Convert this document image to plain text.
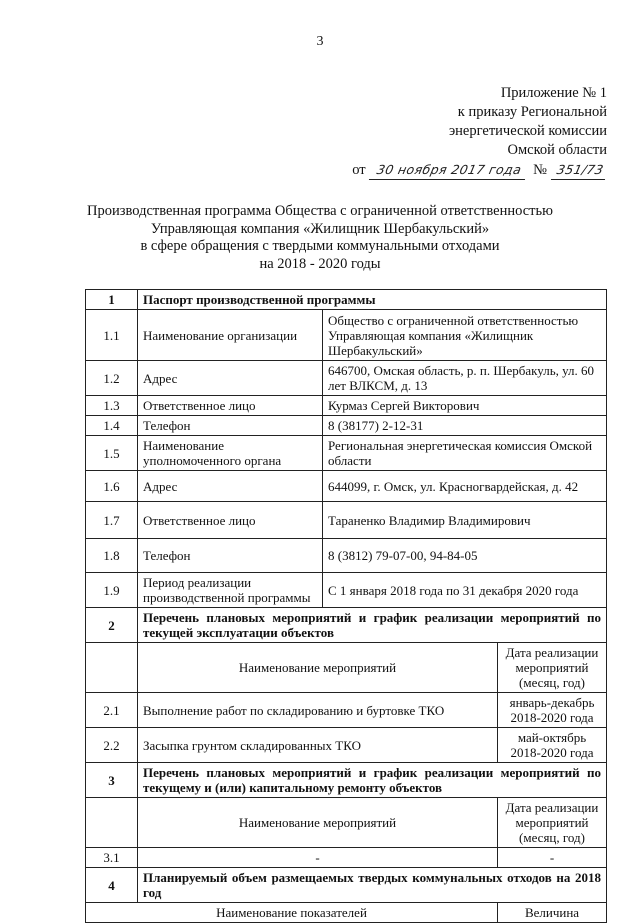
3
Приложение № 1
к приказу Региональной
энергетической комиссии
Омской области
от 30 ноября 2017 года № 351/73
Производственная программа Общества с ограниченной ответственностью
Управляющая компания «Жилищник Шербакульский»
в сфере обращения с твердыми коммунальными отходами
на 2018 - 2020 годы
1	Паспорт производственной программы		
1.1	Наименование организации	Общество с ограниченной ответственностью Управляющая компания «Жилищник Шербакульский»	
1.2	Адрес	646700, Омская область, р. п. Шербакуль, ул. 60 лет ВЛКСМ, д. 13	
1.3	Ответственное лицо	Курмаз Сергей Викторович	
1.4	Телефон	8 (38177) 2-12-31	
1.5	Наименование уполномоченного органа	Региональная энергетическая комиссия Омской области	
1.6	Адрес	644099, г. Омск, ул. Красногвардейская, д. 42	
1.7	Ответственное лицо	Тараненко Владимир Владимирович	
1.8	Телефон	8 (3812) 79-07-00, 94-84-05	
1.9	Период реализации производственной программы	С 1 января 2018 года по 31 декабря 2020 года	
2	Перечень плановых мероприятий и график реализации мероприятий по текущей эксплуатации объектов		
	Наименование мероприятий		Дата реализации мероприятий (месяц, год)
2.1	Выполнение работ по складированию и буртовке ТКО		январь-декабрь 2018-2020 года
2.2	Засыпка грунтом складированных ТКО		май-октябрь 2018-2020 года
3	Перечень плановых мероприятий и график реализации мероприятий по текущему и (или) капитальному ремонту объектов		
	Наименование мероприятий		Дата реализации мероприятий (месяц, год)
3.1	-		-
4	Планируемый объем размещаемых твердых коммунальных отходов на 2018 год		
Наименование показателей			Величина
